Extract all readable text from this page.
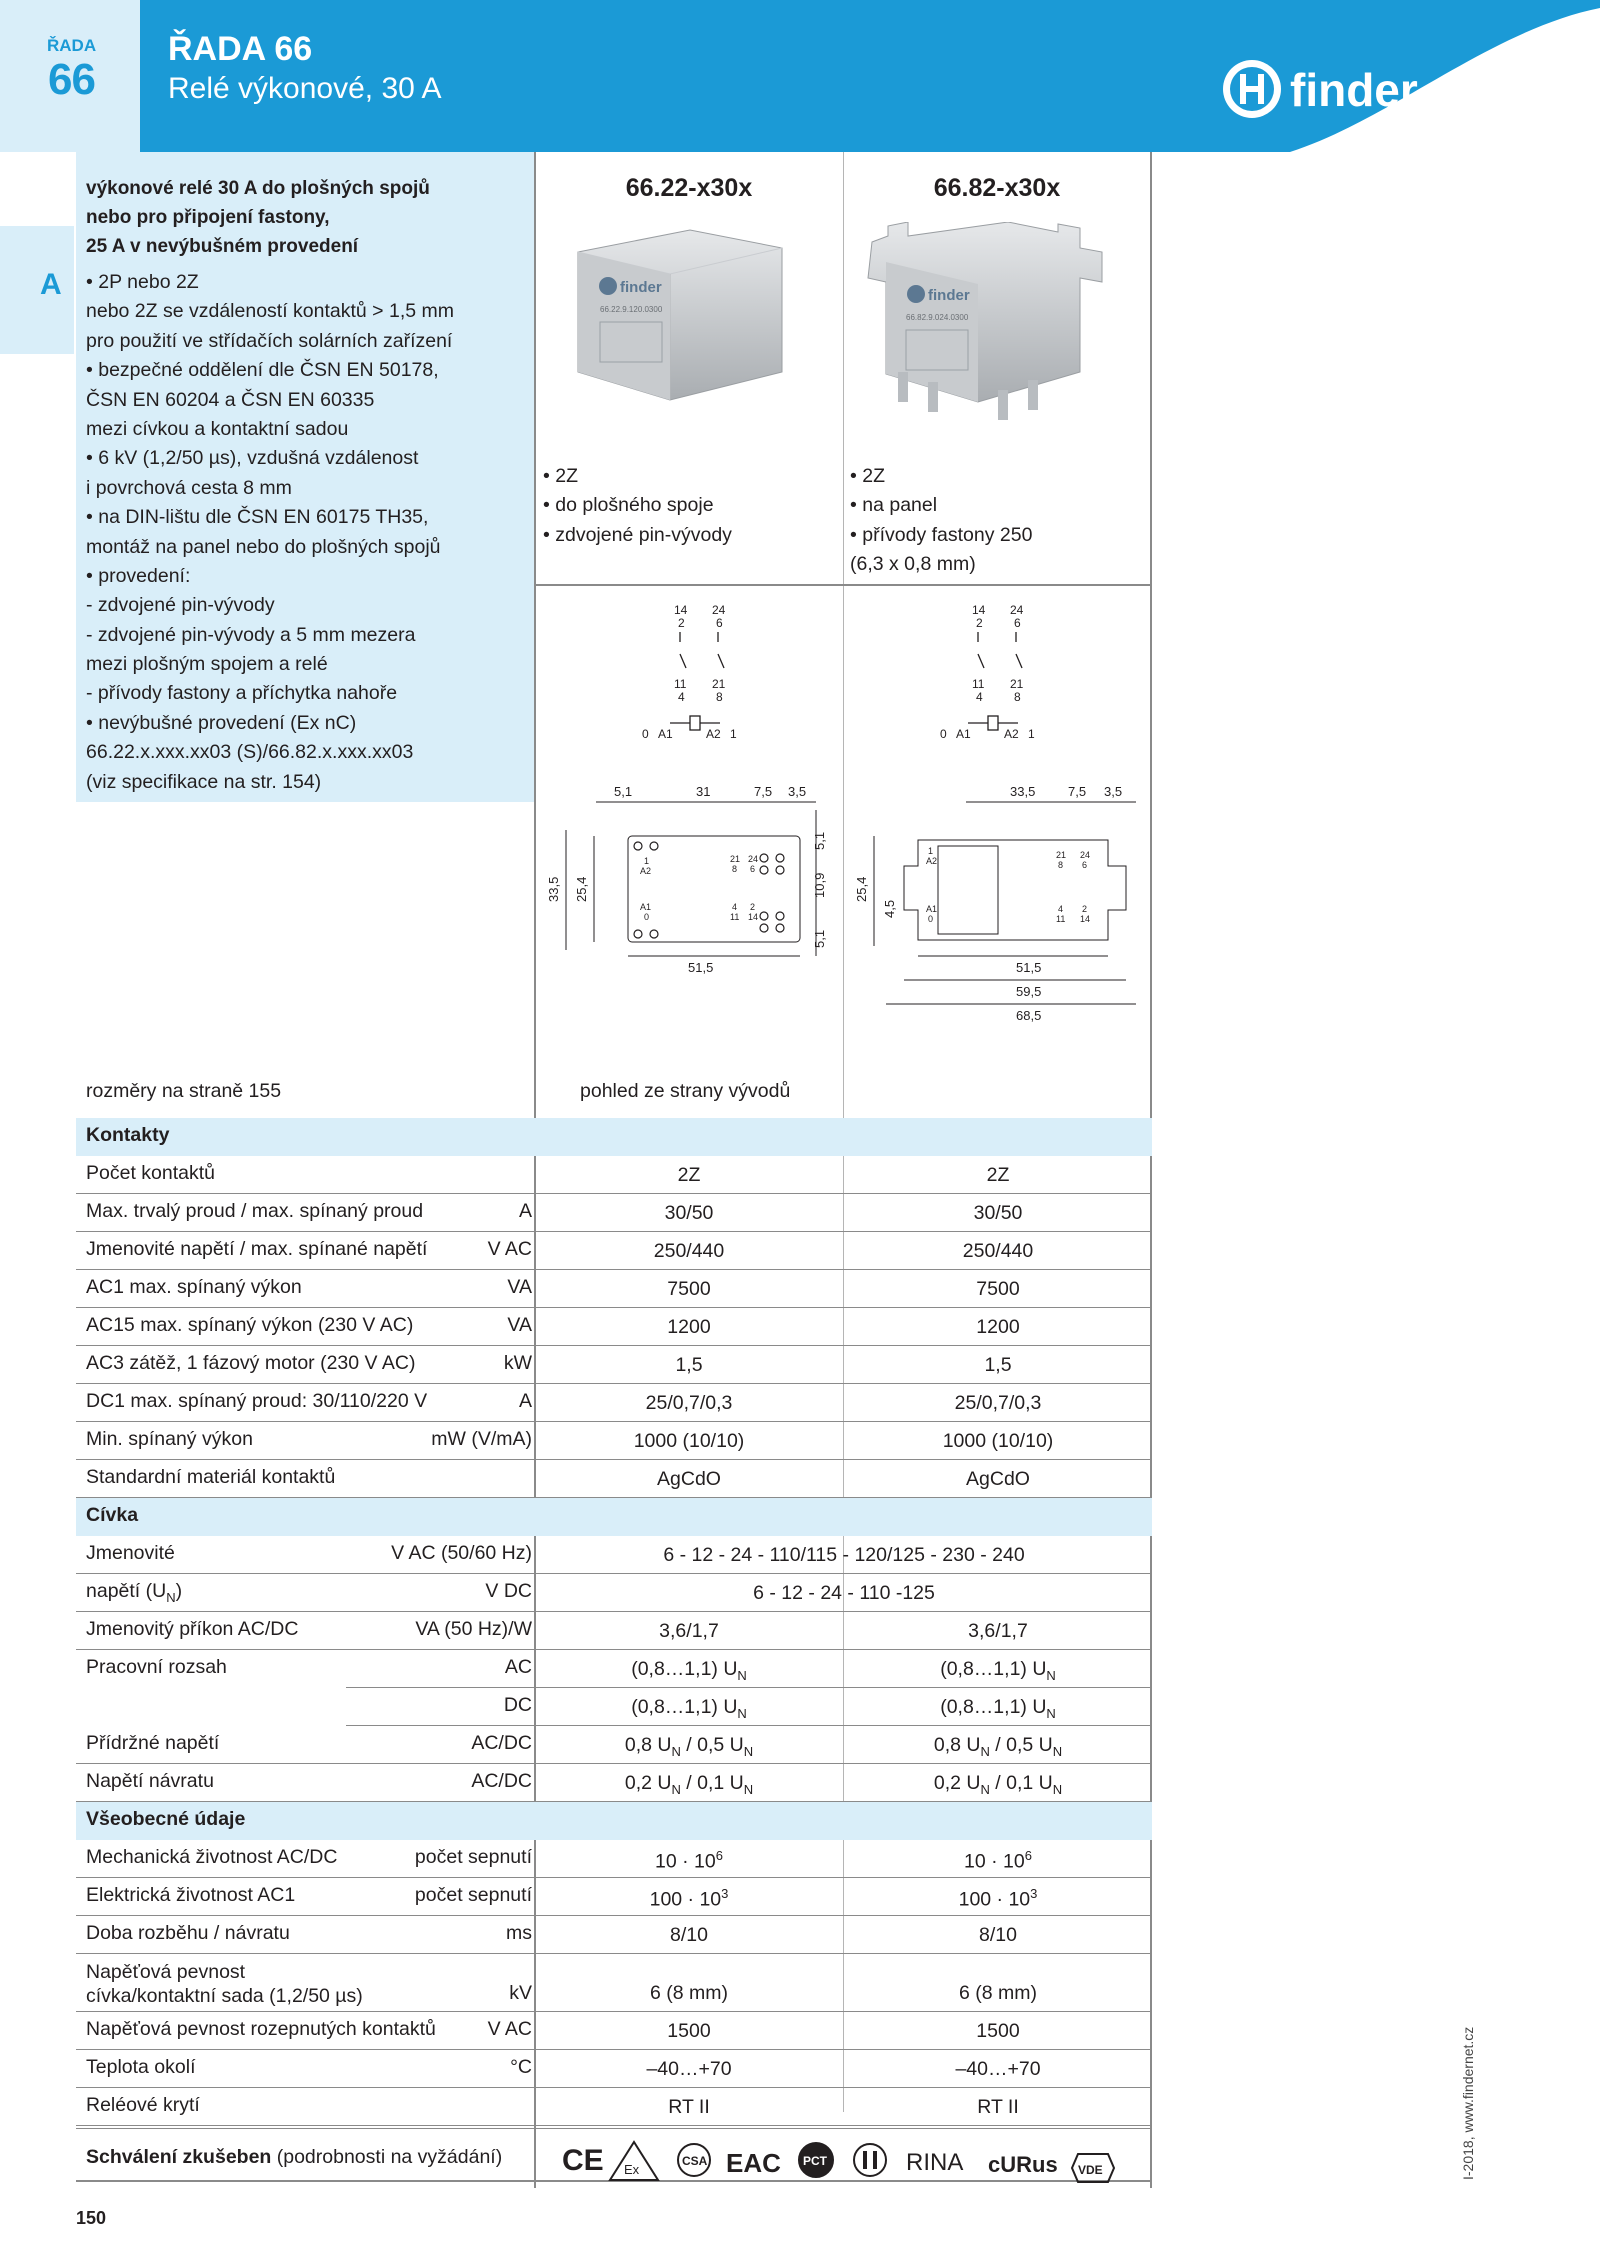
ŘADA
66
ŘADA 66
Relé výkonové, 30 A	finder
A
výkonové relé 30 A do plošných spojů
nebo pro připojení fastony,
25 A v nevýbušném provedení
• 2P nebo 2Z
nebo 2Z se vzdáleností kontaktů > 1,5 mm
pro použití ve střídačích solárních zařízení
• bezpečné oddělení dle ČSN EN 50178,
ČSN EN 60204 a ČSN EN 60335
mezi cívkou a kontaktní sadou
• 6 kV (1,2/50 µs), vzdušná vzdálenost
i povrchová cesta 8 mm
• na DIN-lištu dle ČSN EN 60175 TH35,
montáž na panel nebo do plošných spojů
• provedení:
- zdvojené pin-vývody
- zdvojené pin-vývody a 5 mm mezera
mezi plošným spojem a relé
- přívody fastony a příchytka nahoře
• nevýbušné provedení (Ex nC)
66.22.x.xxx.xx03 (S)/66.82.x.xxx.xx03
(viz specifikace na str. 154)
66.22-x30x
finder
66.22.9.120.0300
• 2Z
• do plošného spoje
• zdvojené pin-vývody
66.82-x30x
finder
66.82.9.024.0300
• 2Z
• na panel
• přívody fastony 250
(6,3 x 0,8 mm)
14
2
24
6
11
4
21
8
0 A1	A2 1
14
2
24
6
11
4
21
8
0 A1	A2 1
5,1	31	7,5 3,5
33,5 25,4
5,1
10,9
5,1
51,5
1
A2
A1
0
21
8
24
6
4
11
2
14
33,5	7,5 3,5
25,4
4,5
51,5
59,5
68,5
1
A2
A1
0
21
8
24
6
4
11
2
14
rozměry na straně 155	pohled ze strany vývodů
Kontakty
Počet kontaktů	2Z	2Z
Max. trvalý proud / max. spínaný proud	A	30/50	30/50
Jmenovité napětí / max. spínané napětí	V AC	250/440	250/440
AC1 max. spínaný výkon	VA	7500	7500
AC15 max. spínaný výkon (230 V AC)	VA	1200	1200
AC3 zátěž, 1 fázový motor (230 V AC)	kW	1,5	1,5
DC1 max. spínaný proud: 30/110/220 V	A	25/0,7/0,3	25/0,7/0,3
Min. spínaný výkon	mW (V/mA)	1000 (10/10)	1000 (10/10)
Standardní materiál kontaktů	AgCdO	AgCdO
Cívka
Jmenovité	V AC (50/60 Hz)	6 - 12 - 24 - 110/115 - 120/125 - 230 - 240
napětí $(U_N)$	V DC	6 - 12 - 24 - 110 -125
Jmenovitý příkon AC/DC	VA (50 Hz)/W	3,6/1,7	3,6/1,7
Pracovní rozsah	AC	(0,8…1,1) $U_N$	(0,8…1,1) $U_N$
DC	(0,8…1,1) $U_N$	(0,8…1,1) $U_N$
Přídržné napětí	AC/DC	0,8 $U_N / 0,5$ $U_N$	0,8 $U_N / 0,5$ $U_N$
Napětí návratu	AC/DC	0,2 $U_N / 0,1$ $U_N$	0,2 $U_N / 0,1$ $U_N$
Všeobecné údaje
Mechanická životnost AC/DC	počet sepnutí	$10 \cdot 10^6$	$10 \cdot 10^6$
Elektrická životnost AC1	počet sepnutí	$100 \cdot 10^3$	$100 \cdot 10^3$
Doba rozběhu / návratu	ms	8/10	8/10
Napěťová pevnost
cívka/kontaktní sada (1,2/50 µs)	kV	6 (8 mm)	6 (8 mm)
Napěťová pevnost rozepnutých kontaktů	V AC	1500	1500
Teplota okolí	°C	–40…+70	–40…+70
Reléové krytí	RT II	RT II
Schválení zkušeben (podrobnosti na vyžádání) CE Ex
CSA EAC PCT	RINA cURus VDE
150
I-2018, www.findernet.cz
